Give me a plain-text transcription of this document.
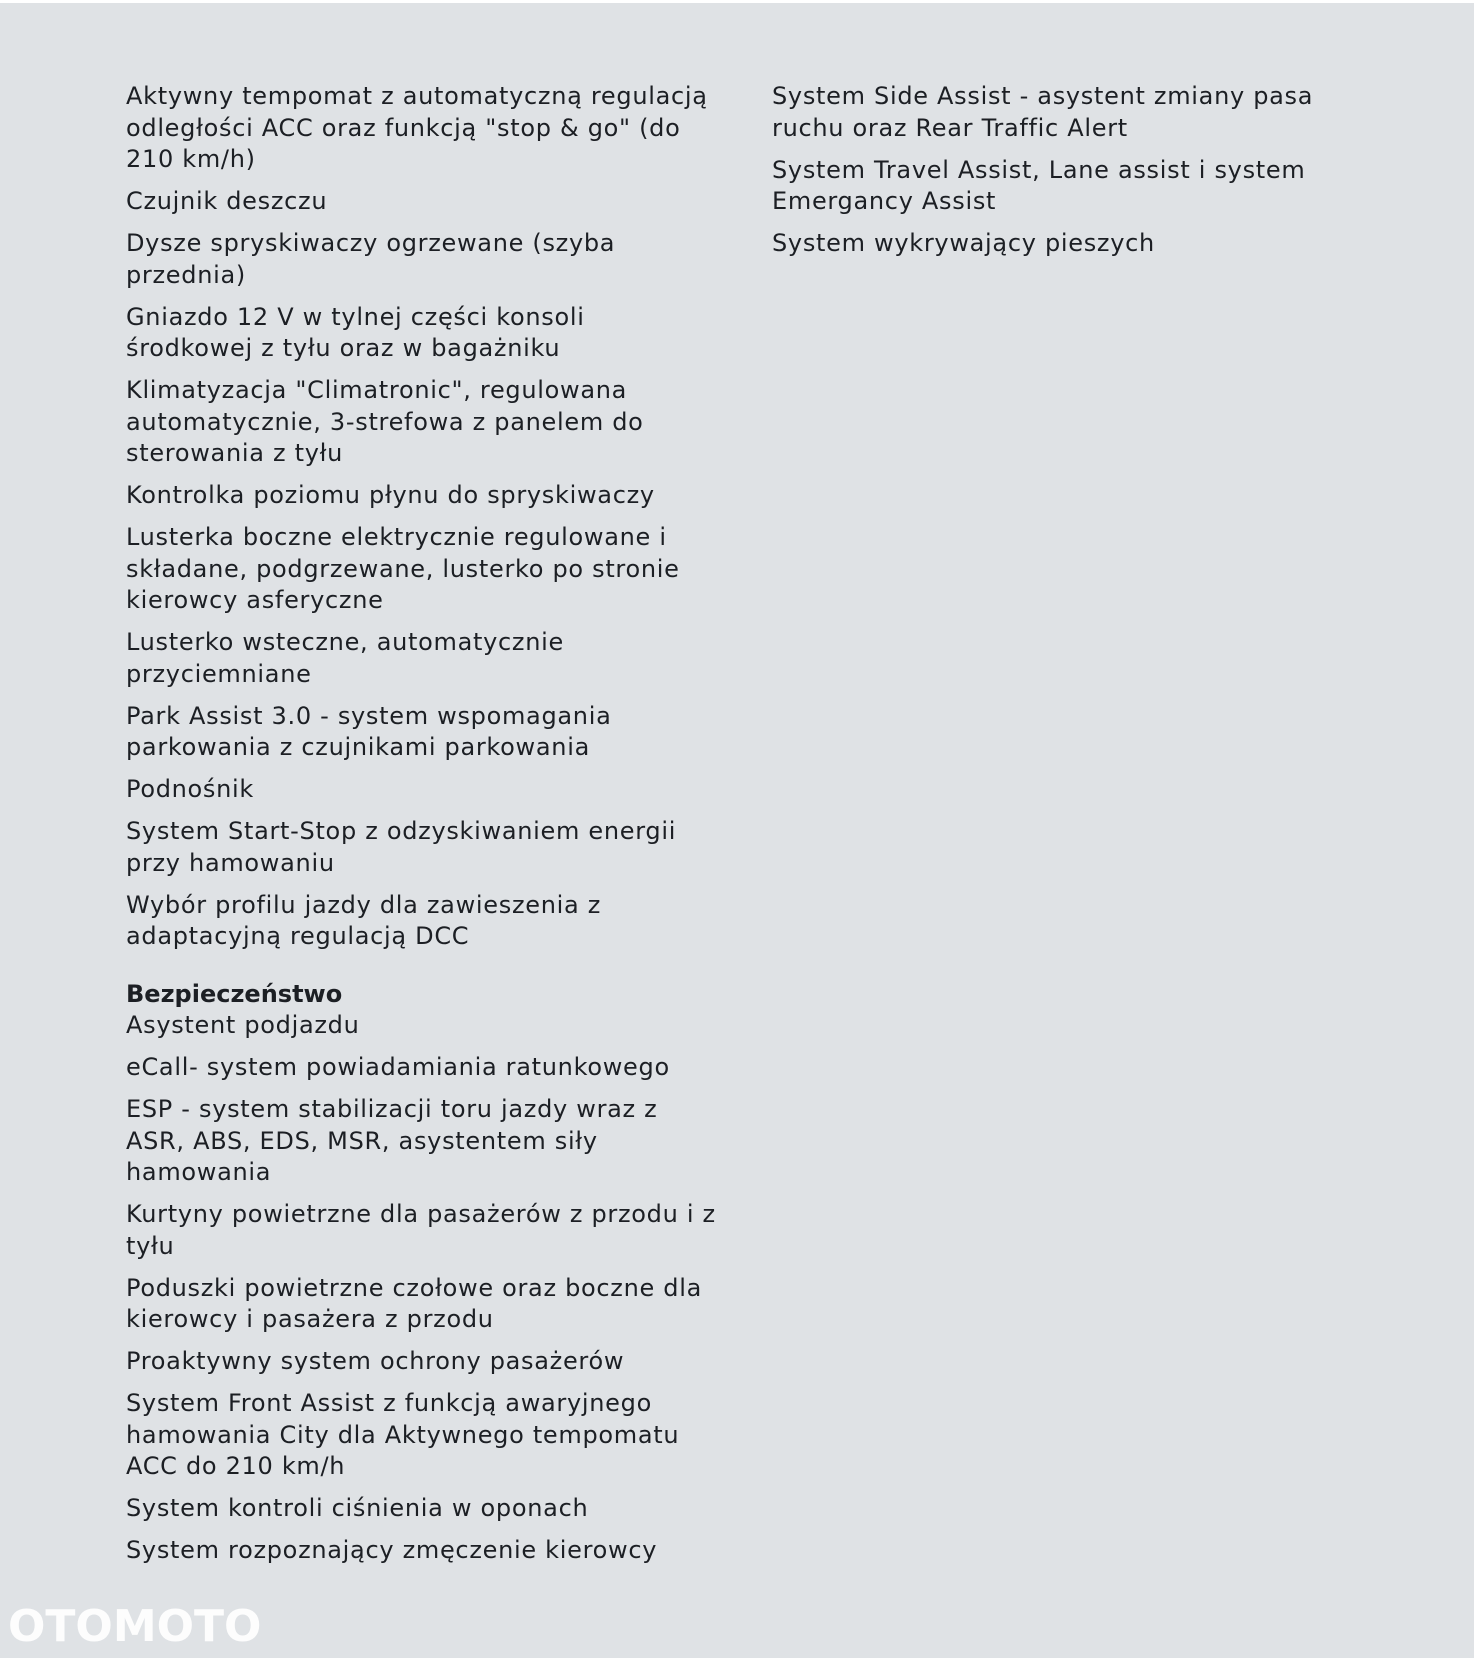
Aktywny tempomat z automatyczną regulacją odległości ACC oraz funkcją "stop & go" (do 210 km/h)
Czujnik deszczu
Dysze spryskiwaczy ogrzewane (szyba przednia)
Gniazdo 12 V w tylnej części konsoli środkowej z tyłu oraz w bagażniku
Klimatyzacja "Climatronic", regulowana automatycznie, 3-strefowa z panelem do sterowania z tyłu
Kontrolka poziomu płynu do spryskiwaczy
Lusterka boczne elektrycznie regulowane i składane, podgrzewane, lusterko po stronie kierowcy asferyczne
Lusterko wsteczne, automatycznie przyciemniane
Park Assist 3.0 - system wspomagania parkowania z czujnikami parkowania
Podnośnik
System Start-Stop z odzyskiwaniem energii przy hamowaniu
Wybór profilu jazdy dla zawieszenia z adaptacyjną regulacją DCC
Bezpieczeństwo
Asystent podjazdu
eCall- system powiadamiania ratunkowego
ESP - system stabilizacji toru jazdy wraz z ASR, ABS, EDS, MSR, asystentem siły hamowania
Kurtyny powietrzne dla pasażerów z przodu i z tyłu
Poduszki powietrzne czołowe oraz boczne dla kierowcy i pasażera z przodu
Proaktywny system ochrony pasażerów
System Front Assist z funkcją awaryjnego hamowania City dla Aktywnego tempomatu ACC do 210 km/h
System kontroli ciśnienia w oponach
System rozpoznający zmęczenie kierowcy
System Side Assist - asystent zmiany pasa ruchu oraz Rear Traffic Alert
System Travel Assist, Lane assist i system Emergancy Assist
System wykrywający pieszych
OTOMOTO
